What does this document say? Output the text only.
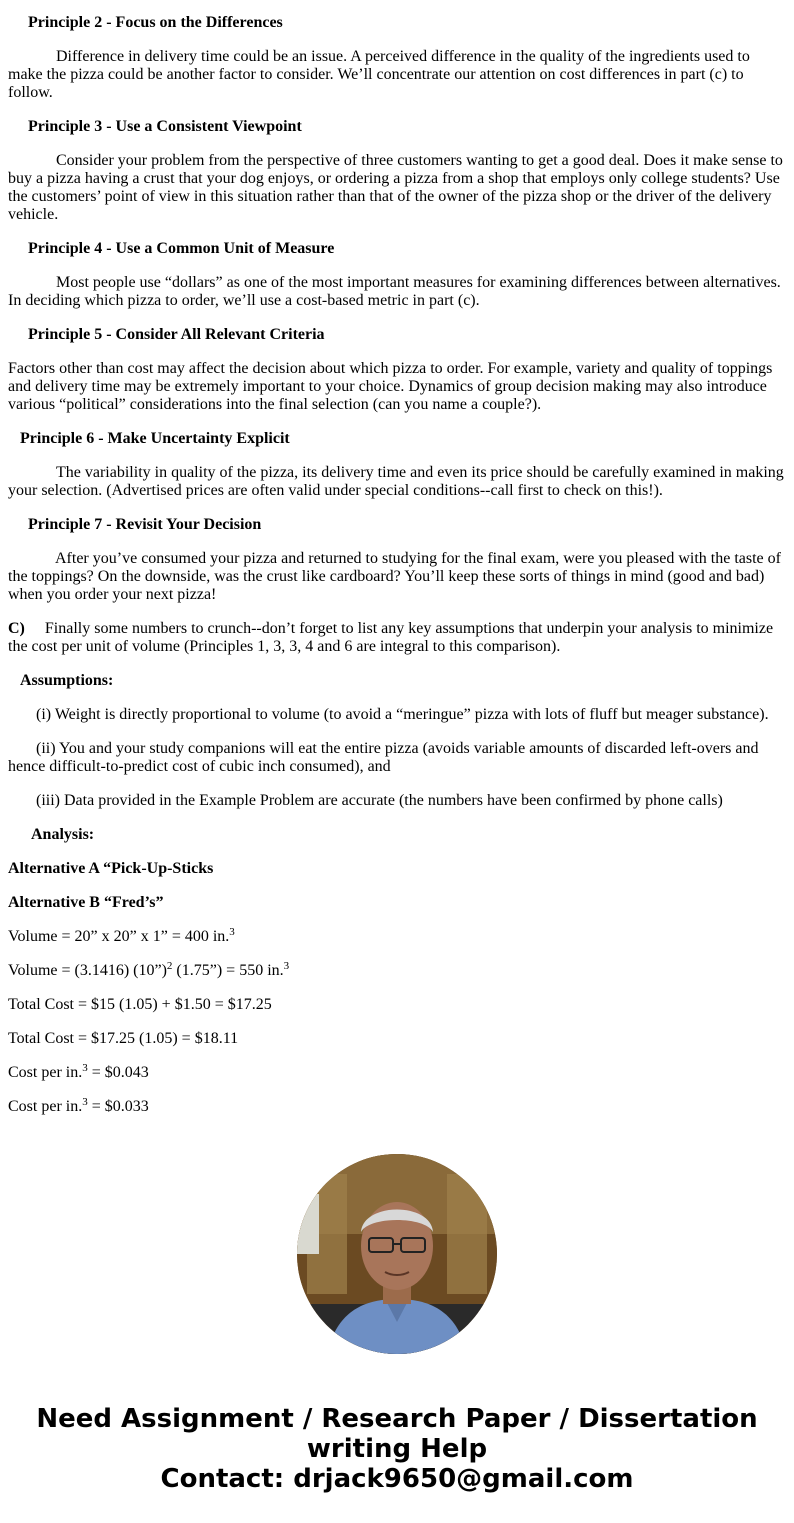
Principle 2 - Focus on the Differences

Difference in delivery time could be an issue. A perceived difference in the quality of the ingredients used to make the pizza could be another factor to consider. We’ll concentrate our attention on cost differences in part (c) to follow.

Principle 3 - Use a Consistent Viewpoint

Consider your problem from the perspective of three customers wanting to get a good deal. Does it make sense to buy a pizza having a crust that your dog enjoys, or ordering a pizza from a shop that employs only college students? Use the customers’ point of view in this situation rather than that of the owner of the pizza shop or the driver of the delivery vehicle.

Principle 4 - Use a Common Unit of Measure

Most people use “dollars” as one of the most important measures for examining differences between alternatives. In deciding which pizza to order, we’ll use a cost-based metric in part (c).

Principle 5 - Consider All Relevant Criteria

Factors other than cost may affect the decision about which pizza to order. For example, variety and quality of toppings and delivery time may be extremely important to your choice. Dynamics of group decision making may also introduce various “political” considerations into the final selection (can you name a couple?).

Principle 6 - Make Uncertainty Explicit

The variability in quality of the pizza, its delivery time and even its price should be carefully examined in making your selection. (Advertised prices are often valid under special conditions--call first to check on this!).

Principle 7 - Revisit Your Decision

After you’ve consumed your pizza and returned to studying for the final exam, were you pleased with the taste of the toppings? On the downside, was the crust like cardboard? You’ll keep these sorts of things in mind (good and bad) when you order your next pizza!

C) Finally some numbers to crunch--don’t forget to list any key assumptions that underpin your analysis to minimize the cost per unit of volume (Principles 1, 3, 3, 4 and 6 are integral to this comparison).

Assumptions:

(i) Weight is directly proportional to volume (to avoid a “meringue” pizza with lots of fluff but meager substance).

(ii) You and your study companions will eat the entire pizza (avoids variable amounts of discarded left-overs and hence difficult-to-predict cost of cubic inch consumed), and

(iii) Data provided in the Example Problem are accurate (the numbers have been confirmed by phone calls)

Analysis:

Alternative A “Pick-Up-Sticks

Alternative B “Fred’s”

Volume = 20” x 20” x 1” = 400 in.$^3$

Volume = (3.1416) (10”)$^2$ (1.75”) = 550 in.$^3$

Total Cost = $15 (1.05) + $1.50 = $17.25

Total Cost = $17.25 (1.05) = $18.11

Cost per in.$^3$ = $0.043

Cost per in.$^3$ = $0.033

Need Assignment / Research Paper / Dissertation
writing Help
Contact: drjack9650@gmail.com
